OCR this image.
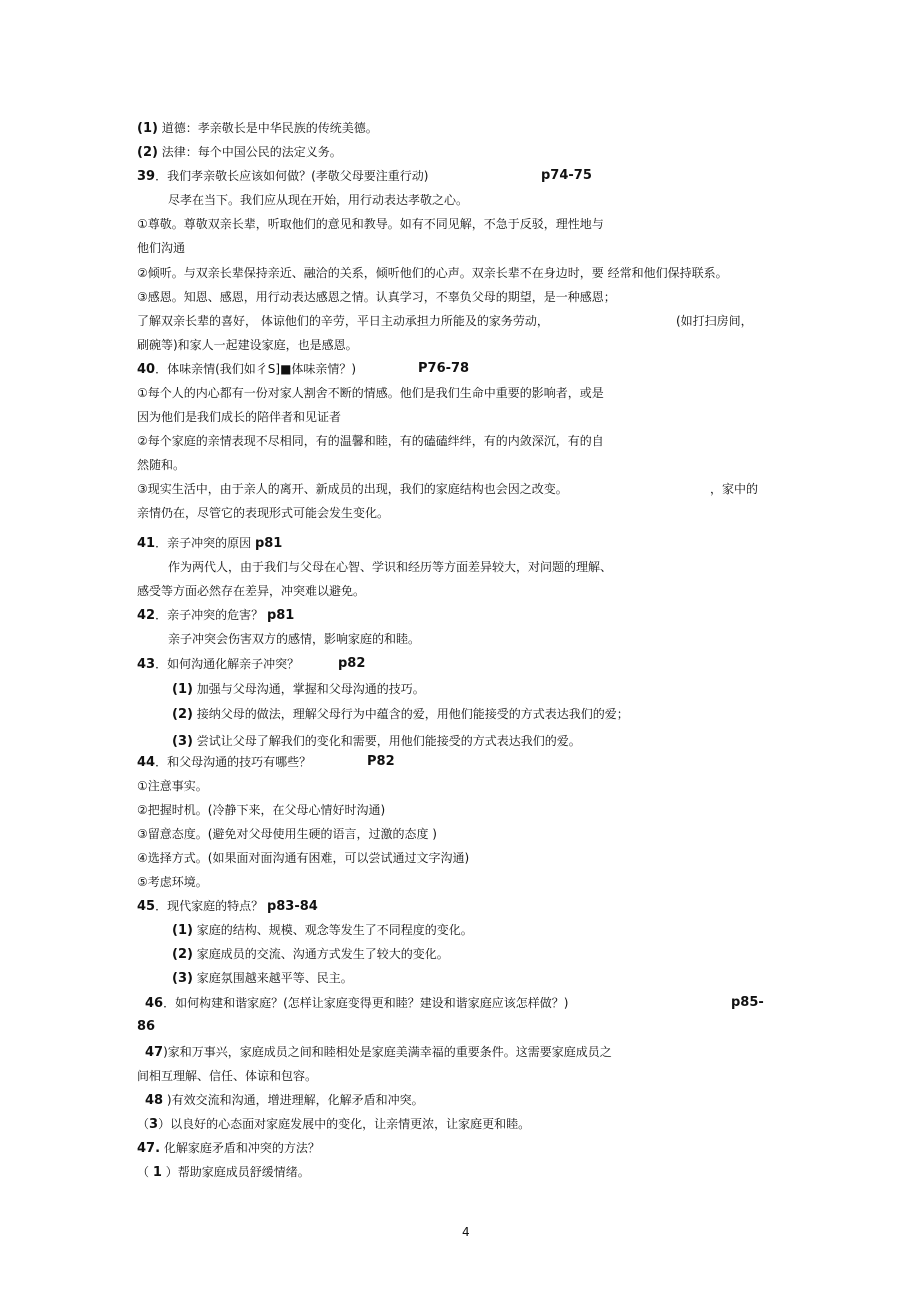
(1) 道德：孝亲敬长是中华民族的传统美德。
(2) 法律：每个中国公民的法定义务。
39．我们孝亲敬长应该如何做？(孝敬父母要注重行动)	p74-75
尽孝在当下。我们应从现在开始，用行动表达孝敬之心。
①尊敬。尊敬双亲长辈，听取他们的意见和教导。如有不同见解，不急于反驳，理性地与
他们沟通
②倾听。与双亲长辈保持亲近、融洽的关系，倾听他们的心声。双亲长辈不在身边时，要 经常和他们保持联系。
③感恩。知恩、感恩，用行动表达感恩之情。认真学习，不辜负父母的期望，是一种感恩；
了解双亲长辈的喜好， 体谅他们的辛劳，平日主动承担力所能及的家务劳动，	(如打扫房间，
刷碗等)和家人一起建设家庭，也是感恩。
40．体味亲情(我们如彳S]■体味亲情？)	P76-78
①每个人的内心都有一份对家人割舍不断的情感。他们是我们生命中重要的影响者，或是
因为他们是我们成长的陪伴者和见证者
②每个家庭的亲情表现不尽相同，有的温馨和睦，有的磕磕绊绊，有的内敛深沉，有的自
然随和。
③现实生活中，由于亲人的离开、新成员的出现，我们的家庭结构也会因之改变。	，家中的
亲情仍在，尽管它的表现形式可能会发生变化。
41．亲子冲突的原因 p81
作为两代人，由于我们与父母在心智、学识和经历等方面差异较大，对问题的理解、
感受等方面必然存在差异，冲突难以避免。
42．亲子冲突的危害？ p81
亲子冲突会伤害双方的感情，影响家庭的和睦。
43．如何沟通化解亲子冲突？	p82
(1) 加强与父母沟通，掌握和父母沟通的技巧。
(2) 接纳父母的做法，理解父母行为中蕴含的爱，用他们能接受的方式表达我们的爱；
(3) 尝试让父母了解我们的变化和需要，用他们能接受的方式表达我们的爱。
44．和父母沟通的技巧有哪些？	P82
①注意事实。
②把握时机。(冷静下来，在父母心情好时沟通)
③留意态度。(避免对父母使用生硬的语言，过激的态度 )
④选择方式。(如果面对面沟通有困难，可以尝试通过文字沟通)
⑤考虑环境。
45．现代家庭的特点？ p83-84
(1) 家庭的结构、规模、观念等发生了不同程度的变化。
(2) 家庭成员的交流、沟通方式发生了较大的变化。
(3) 家庭氛围越来越平等、民主。
46．如何构建和谐家庭？(怎样让家庭变得更和睦？建设和谐家庭应该怎样做？)	p85-
86
47)家和万事兴，家庭成员之间和睦相处是家庭美满幸福的重要条件。这需要家庭成员之
间相互理解、信任、体谅和包容。
48 )有效交流和沟通，增进理解，化解矛盾和冲突。
（3）以良好的心态面对家庭发展中的变化，让亲情更浓，让家庭更和睦。
47. 化解家庭矛盾和冲突的方法？
（ 1 ）帮助家庭成员舒缓情绪。
4
